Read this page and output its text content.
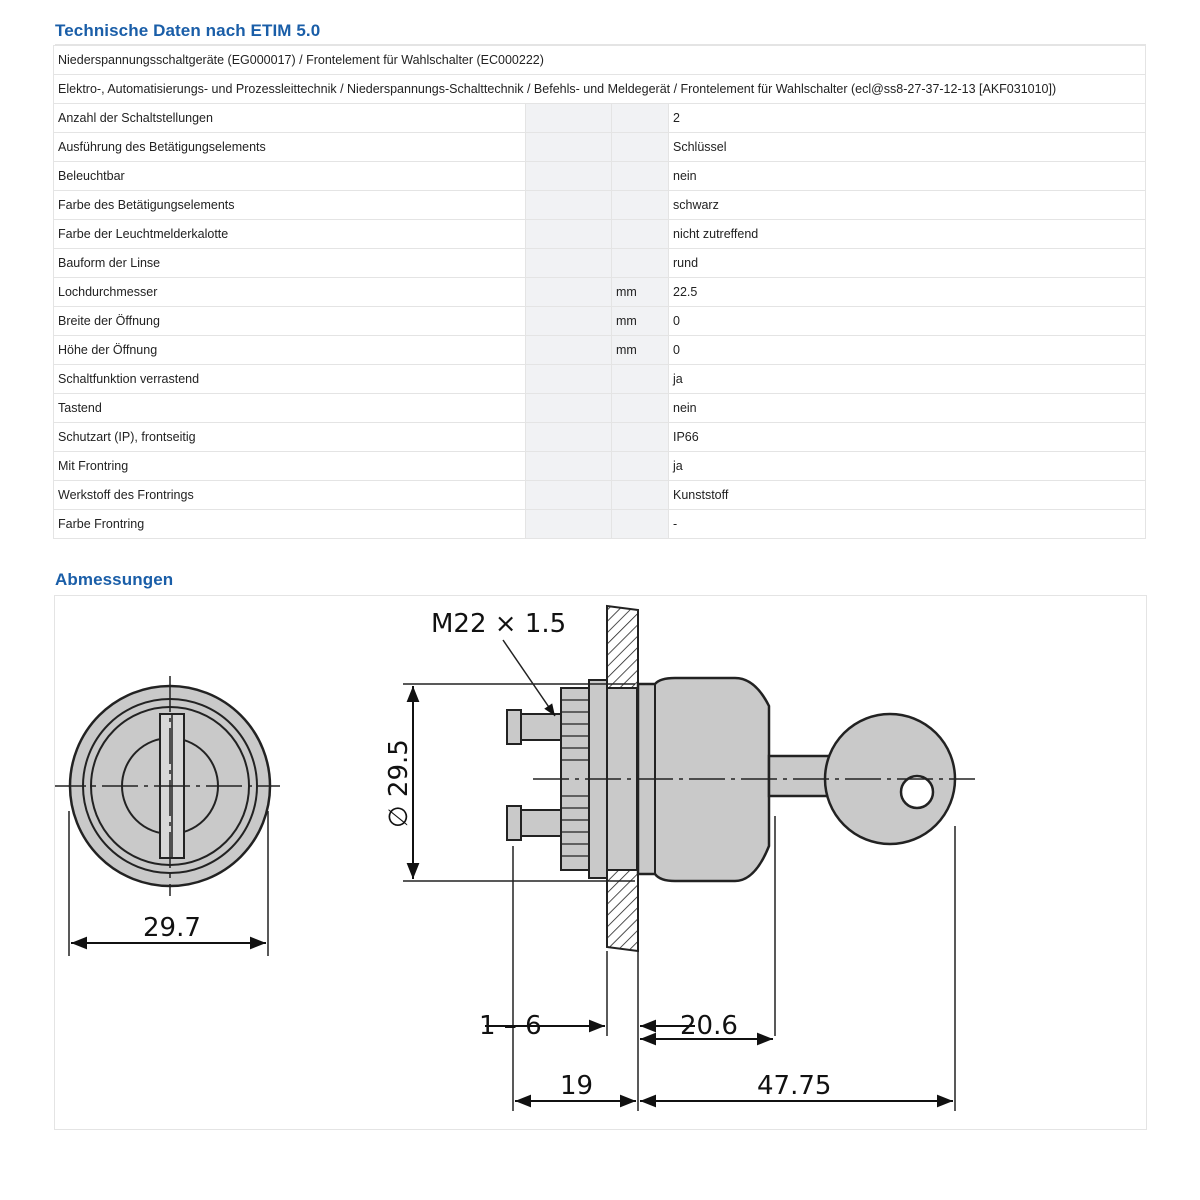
Technische Daten nach ETIM 5.0
Niederspannungsschaltgeräte (EG000017) / Frontelement für Wahlschalter (EC000222)			
Elektro-, Automatisierungs- und Prozessleittechnik / Niederspannungs-Schalttechnik / Befehls- und Meldegerät / Frontelement für Wahlschalter (ecl@ss8-27-37-12-13 [AKF031010])			
Anzahl der Schaltstellungen			2
Ausführung des Betätigungselements			Schlüssel
Beleuchtbar			nein
Farbe des Betätigungselements			schwarz
Farbe der Leuchtmelderkalotte			nicht zutreffend
Bauform der Linse			rund
Lochdurchmesser		mm	22.5
Breite der Öffnung		mm	0
Höhe der Öffnung		mm	0
Schaltfunktion verrastend			ja
Tastend			nein
Schutzart (IP), frontseitig			IP66
Mit Frontring			ja
Werkstoff des Frontrings			Kunststoff
Farbe Frontring			-
Abmessungen
29.7
M22 × 1.5
∅ 29.5
1 – 6	20.6
19	47.75
